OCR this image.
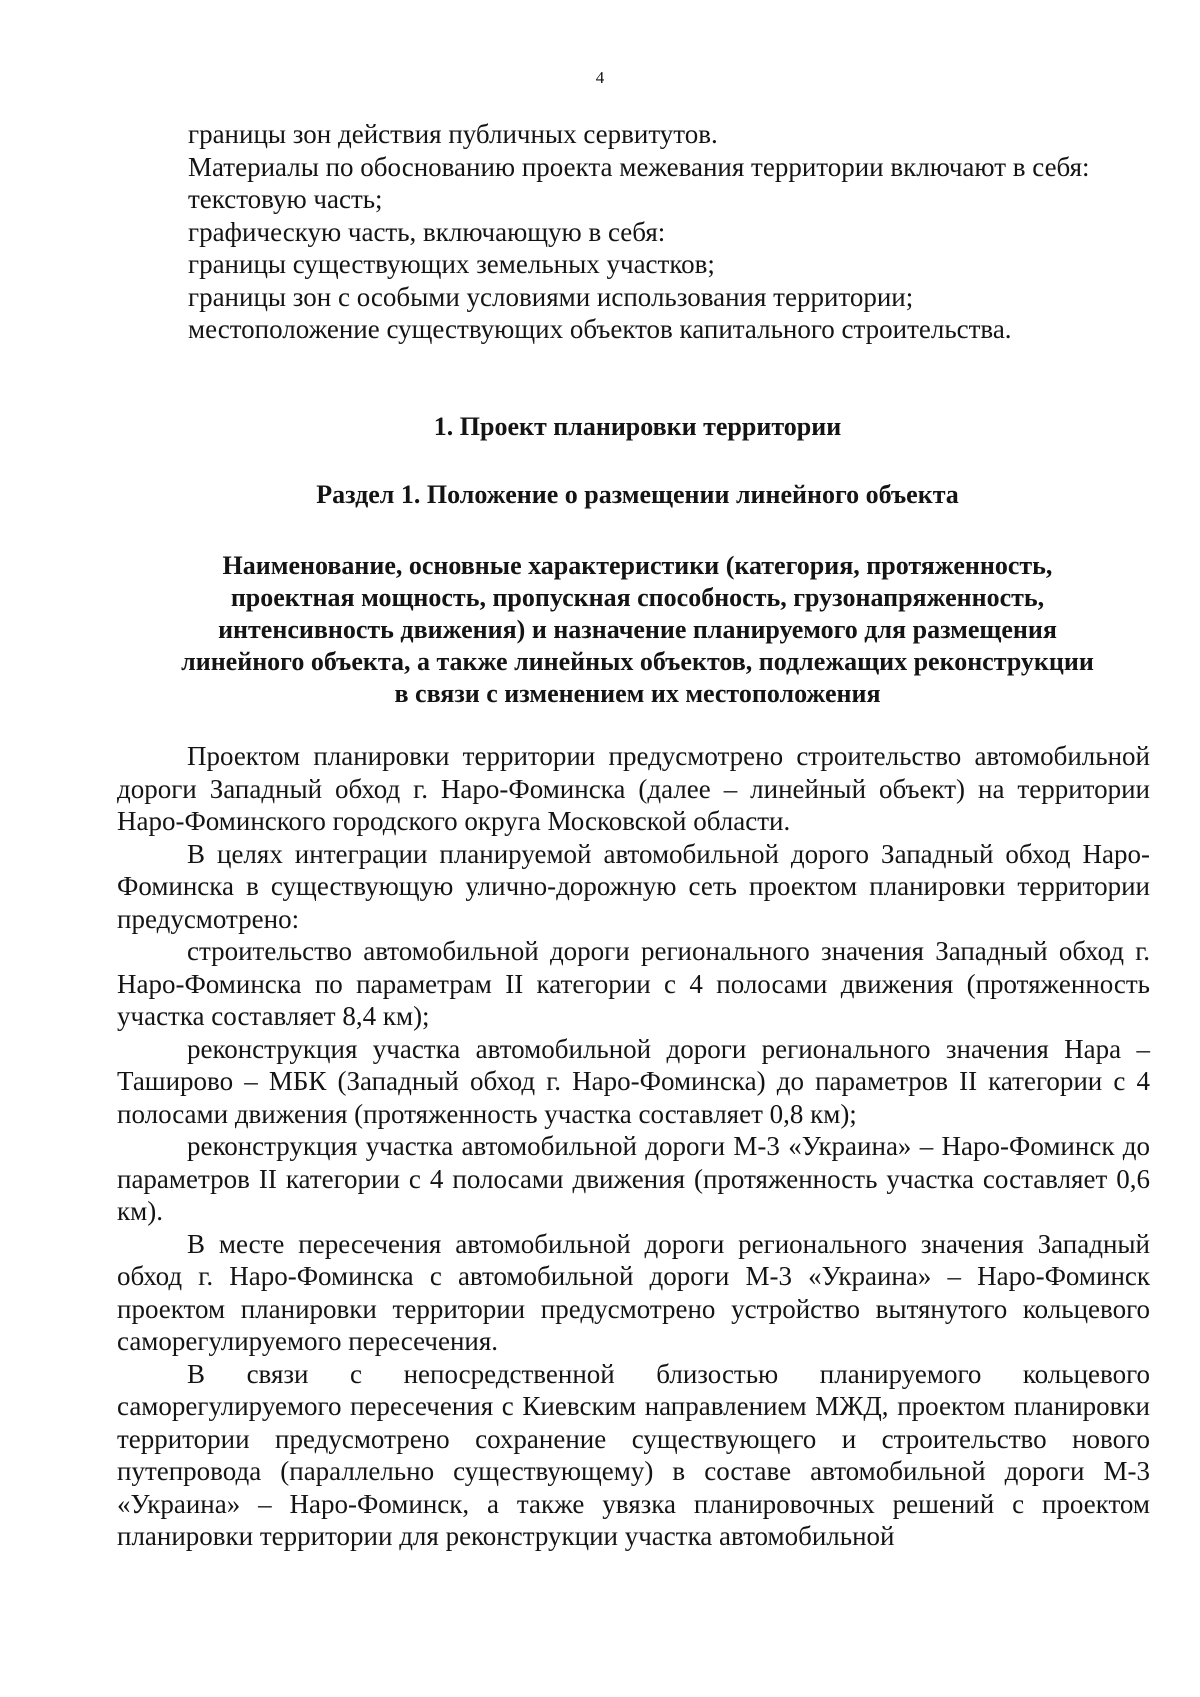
4
границы зон действия публичных сервитутов.
Материалы по обоснованию проекта межевания территории включают в себя:
текстовую часть;
графическую часть, включающую в себя:
границы существующих земельных участков;
границы зон с особыми условиями использования территории;
местоположение существующих объектов капитального строительства.
1. Проект планировки территории
Раздел 1. Положение о размещении линейного объекта
Наименование, основные характеристики (категория, протяженность,
проектная мощность, пропускная способность, грузонапряженность,
интенсивность движения) и назначение планируемого для размещения
линейного объекта, а также линейных объектов, подлежащих реконструкции
в связи с изменением их местоположения

Проектом планировки территории предусмотрено строительство автомобильной дороги Западный обход г. Наро-Фоминска (далее – линейный объект) на территории Наро-Фоминского городского округа Московской области.

В целях интеграции планируемой автомобильной дорого Западный обход Наро-Фоминска в существующую улично-дорожную сеть проектом планировки территории предусмотрено:

строительство автомобильной дороги регионального значения Западный обход г. Наро-Фоминска по параметрам II категории с 4 полосами движения (протяженность участка составляет 8,4 км);

реконструкция участка автомобильной дороги регионального значения Нара – Таширово – МБК (Западный обход г. Наро-Фоминска) до параметров II категории с 4 полосами движения (протяженность участка составляет 0,8 км);

реконструкция участка автомобильной дороги М-3 «Украина» – Наро-Фоминск до параметров II категории с 4 полосами движения (протяженность участка составляет 0,6 км).

В месте пересечения автомобильной дороги регионального значения Западный обход г. Наро-Фоминска с автомобильной дороги М-3 «Украина» – Наро-Фоминск проектом планировки территории предусмотрено устройство вытянутого кольцевого саморегулируемого пересечения.

В связи с непосредственной близостью планируемого кольцевого саморегулируемого пересечения с Киевским направлением МЖД, проектом планировки территории предусмотрено сохранение существующего и строительство нового путепровода (параллельно существующему) в составе автомобильной дороги М-3 «Украина» – Наро-Фоминск, а также увязка планировочных решений с проектом планировки территории для реконструкции участка автомобильной
